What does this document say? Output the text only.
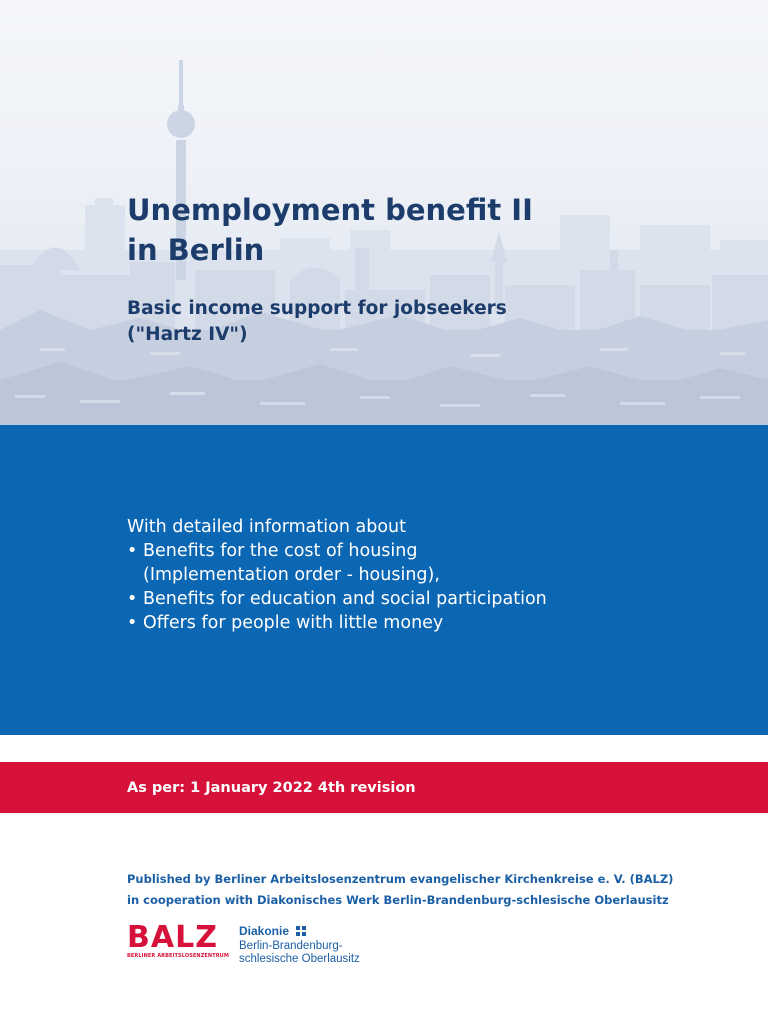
Unemployment benefit II
in Berlin
Basic income support for jobseekers
("Hartz IV")
With detailed information about
• Benefits for the cost of housing
(Implementation order - housing),
• Benefits for education and social participation
• Offers for people with little money
As per: 1 January 2022 4th revision
Published by Berliner Arbeitslosenzentrum evangelischer Kirchenkreise e. V. (BALZ)
in cooperation with Diakonisches Werk Berlin-Brandenburg-schlesische Oberlausitz
BALZ
BERLINER ARBEITSLOSENZENTRUM
Diakonie
Berlin-Brandenburg-
schlesische Oberlausitz
